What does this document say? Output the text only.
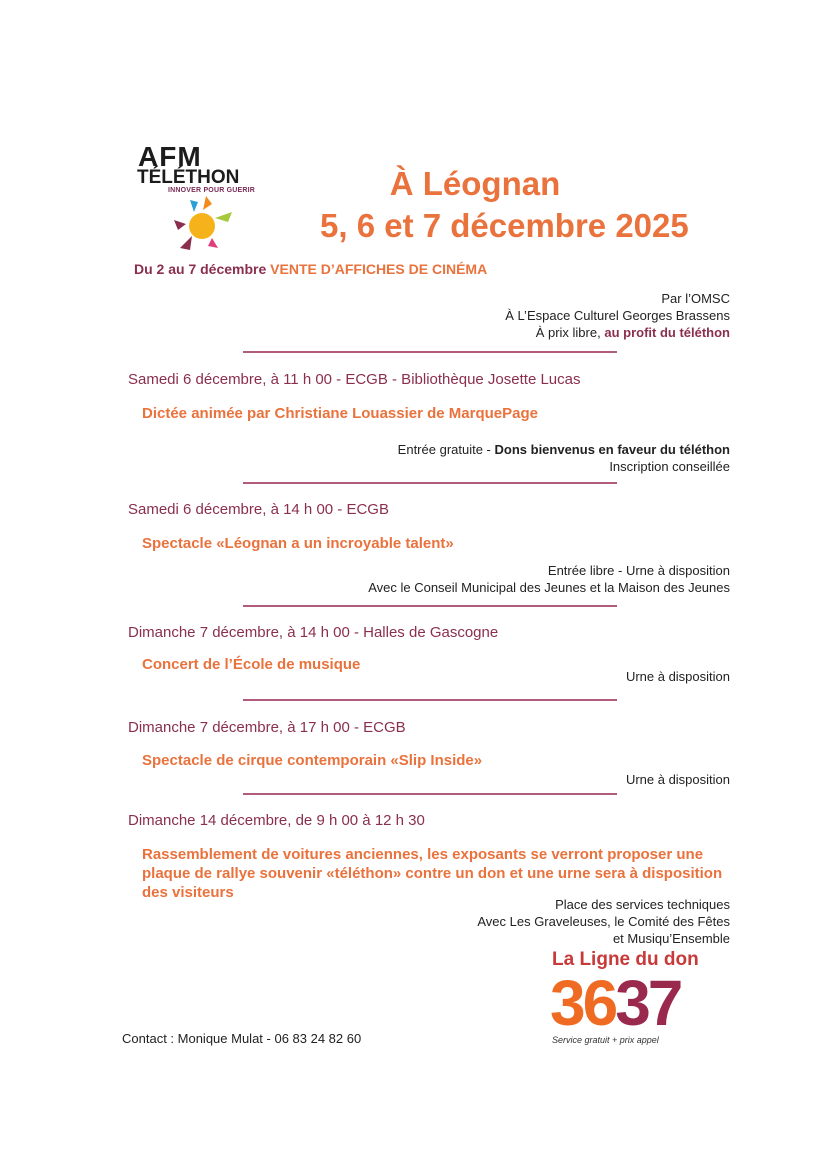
AFM
TÉLÉTHON
INNOVER POUR GUERIR	À Léognan
5, 6 et 7 décembre 2025
Du 2 au 7 décembre VENTE D’AFFICHES DE CINÉMA
Par l’OMSC
À L’Espace Culturel Georges Brassens
À prix libre, au profit du téléthon
Samedi 6 décembre, à 11 h 00 - ECGB - Bibliothèque Josette Lucas
Dictée animée par Christiane Louassier de MarquePage
Entrée gratuite - Dons bienvenus en faveur du téléthon
Inscription conseillée
Samedi 6 décembre, à 14 h 00 - ECGB
Spectacle «Léognan a un incroyable talent»
Entrée libre - Urne à disposition
Avec le Conseil Municipal des Jeunes et la Maison des Jeunes
Dimanche 7 décembre, à 14 h 00 - Halles de Gascogne
Concert de l’École de musique
Urne à disposition
Dimanche 7 décembre, à 17 h 00 - ECGB
Spectacle de cirque contemporain «Slip Inside»
Urne à disposition
Dimanche 14 décembre, de 9 h 00 à 12 h 30
Rassemblement de voitures anciennes, les exposants se verront proposer une plaque de rallye souvenir «téléthon» contre un don et une urne sera à disposition des visiteurs
Place des services techniques
Avec Les Graveleuses, le Comité des Fêtes
et Musiqu’Ensemble
La Ligne du don
3637
Service gratuit + prix appel
Contact : Monique Mulat - 06 83 24 82 60
